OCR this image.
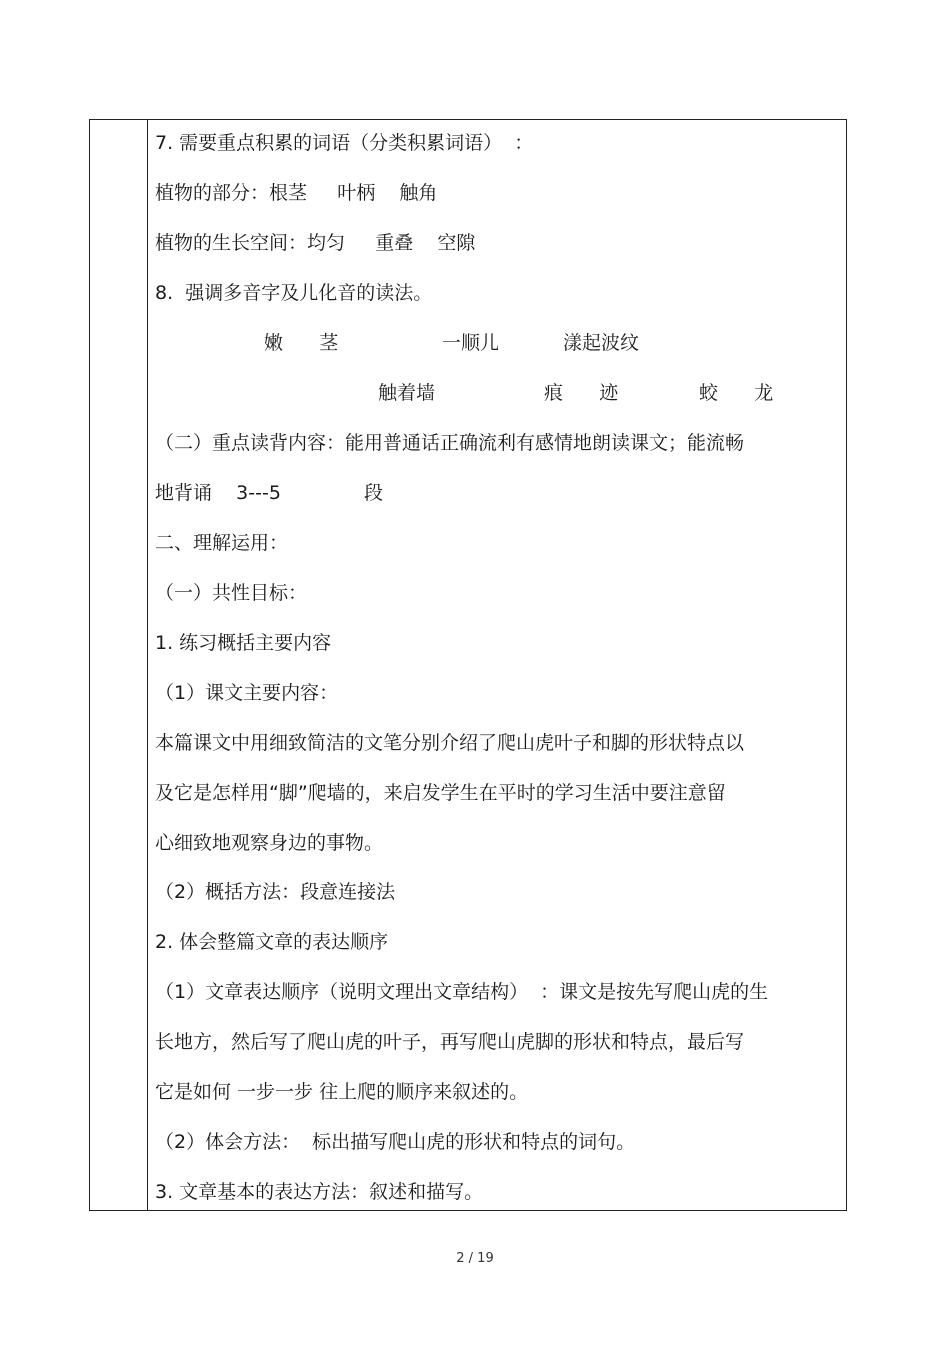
7. 需要重点积累的词语（分类积累词语）  ：
植物的部分：根茎     叶柄    触角
植物的生长空间：均匀     重叠    空隙
8.  强调多音字及儿化音的读法。
嫩      茎	一顺儿	漾起波纹
触着墙	痕      迹	蛟      龙
（二）重点读背内容：能用普通话正确流利有感情地朗读课文；能流畅
地背诵    3---5	段
二、理解运用：
（一）共性目标：
1. 练习概括主要内容
（1）课文主要内容：
本篇课文中用细致简洁的文笔分别介绍了爬山虎叶子和脚的形状特点以
及它是怎样用“脚”爬墙的，来启发学生在平时的学习生活中要注意留
心细致地观察身边的事物。
（2）概括方法：段意连接法
2. 体会整篇文章的表达顺序
（1）文章表达顺序（说明文理出文章结构）  ：课文是按先写爬山虎的生
长地方，然后写了爬山虎的叶子，再写爬山虎脚的形状和特点，最后写
它是如何 一步一步 往上爬的顺序来叙述的。
（2）体会方法：  标出描写爬山虎的形状和特点的词句。
3. 文章基本的表达方法：叙述和描写。
2 / 19
